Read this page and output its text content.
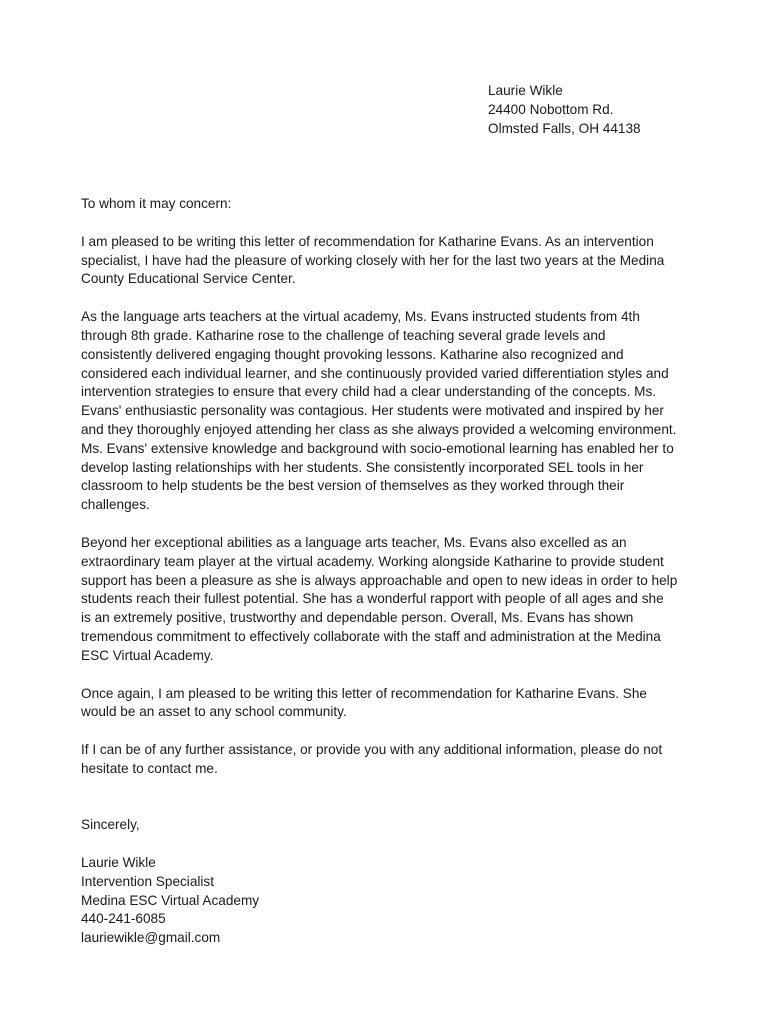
Laurie Wikle
24400 Nobottom Rd.
Olmsted Falls, OH 44138

To whom it may concern:

I am pleased to be writing this letter of recommendation for Katharine Evans. As an intervention
specialist, I have had the pleasure of working closely with her for the last two years at the Medina
County Educational Service Center.

As the language arts teachers at the virtual academy, Ms. Evans instructed students from 4th
through 8th grade. Katharine rose to the challenge of teaching several grade levels and
consistently delivered engaging thought provoking lessons. Katharine also recognized and
considered each individual learner, and she continuously provided varied differentiation styles and
intervention strategies to ensure that every child had a clear understanding of the concepts. Ms.
Evans' enthusiastic personality was contagious. Her students were motivated and inspired by her
and they thoroughly enjoyed attending her class as she always provided a welcoming environment.
Ms. Evans' extensive knowledge and background with socio-emotional learning has enabled her to
develop lasting relationships with her students. She consistently incorporated SEL tools in her
classroom to help students be the best version of themselves as they worked through their
challenges.

Beyond her exceptional abilities as a language arts teacher, Ms. Evans also excelled as an
extraordinary team player at the virtual academy. Working alongside Katharine to provide student
support has been a pleasure as she is always approachable and open to new ideas in order to help
students reach their fullest potential. She has a wonderful rapport with people of all ages and she
is an extremely positive, trustworthy and dependable person. Overall, Ms. Evans has shown
tremendous commitment to effectively collaborate with the staff and administration at the Medina
ESC Virtual Academy.

Once again, I am pleased to be writing this letter of recommendation for Katharine Evans. She
would be an asset to any school community.

If I can be of any further assistance, or provide you with any additional information, please do not
hesitate to contact me.

Sincerely,
Laurie Wikle
Intervention Specialist
Medina ESC Virtual Academy
440-241-6085
lauriewikle@gmail.com
